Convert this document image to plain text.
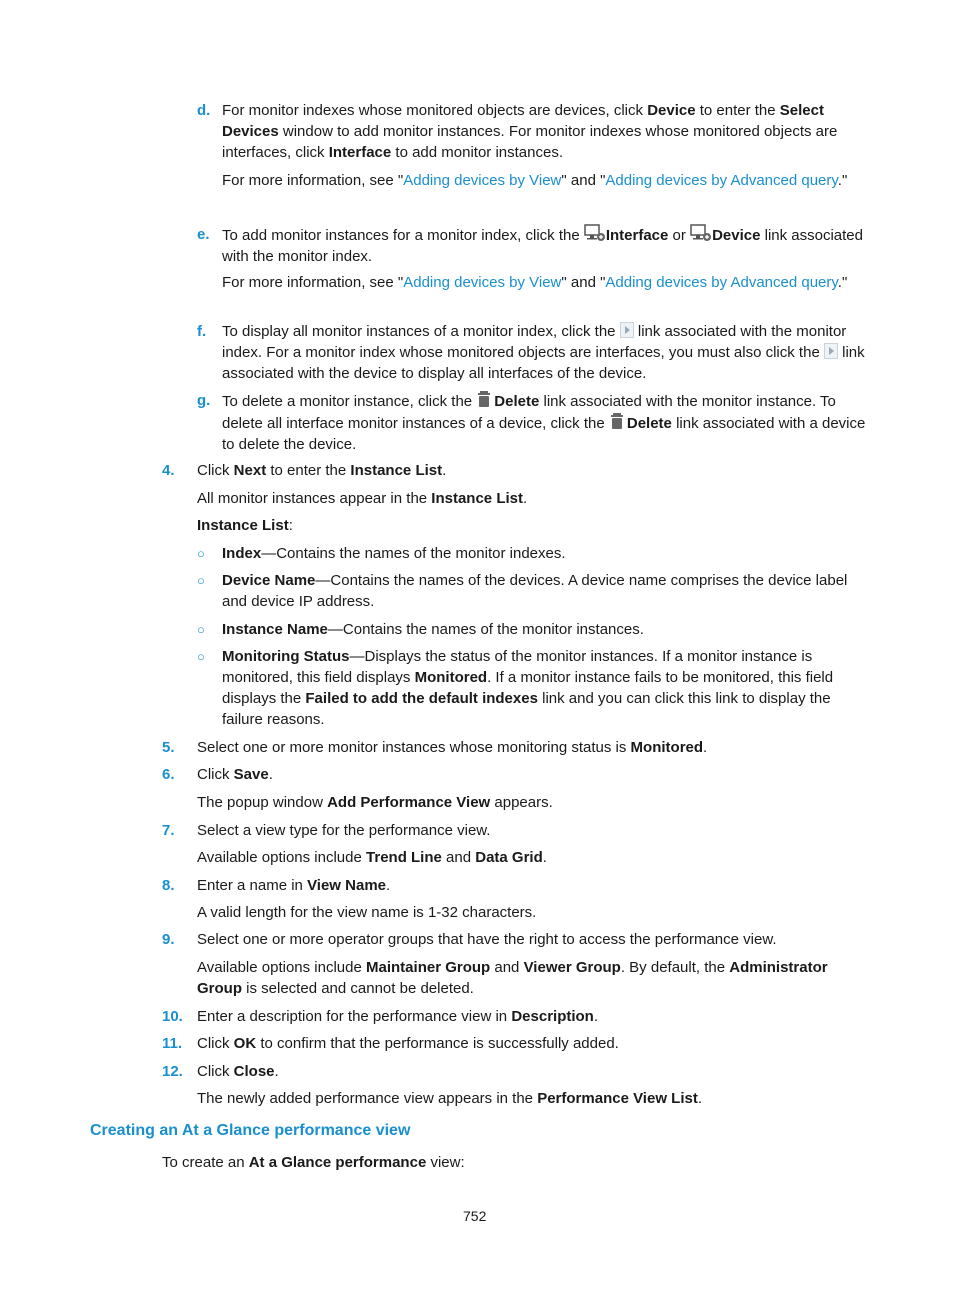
d. For monitor indexes whose monitored objects are devices, click Device to enter the Select Devices window to add monitor instances. For monitor indexes whose monitored objects are interfaces, click Interface to add monitor instances.
For more information, see "Adding devices by View" and "Adding devices by Advanced query."
e. To add monitor instances for a monitor index, click the Interface or Device link associated with the monitor index.
For more information, see "Adding devices by View" and "Adding devices by Advanced query."
f. To display all monitor instances of a monitor index, click the  link associated with the monitor index. For a monitor index whose monitored objects are interfaces, you must also click the  link associated with the device to display all interfaces of the device.
g. To delete a monitor instance, click the Delete link associated with the monitor instance. To delete all interface monitor instances of a device, click the Delete link associated with a device to delete the device.
4. Click Next to enter the Instance List.
All monitor instances appear in the Instance List.
Instance List:
○ Index—Contains the names of the monitor indexes.
○ Device Name—Contains the names of the devices. A device name comprises the device label and device IP address.
○ Instance Name—Contains the names of the monitor instances.
○ Monitoring Status—Displays the status of the monitor instances. If a monitor instance is monitored, this field displays Monitored. If a monitor instance fails to be monitored, this field displays the Failed to add the default indexes link and you can click this link to display the failure reasons.
5. Select one or more monitor instances whose monitoring status is Monitored.
6. Click Save.
The popup window Add Performance View appears.
7. Select a view type for the performance view.
Available options include Trend Line and Data Grid.
8. Enter a name in View Name.
A valid length for the view name is 1-32 characters.
9. Select one or more operator groups that have the right to access the performance view.
Available options include Maintainer Group and Viewer Group. By default, the Administrator Group is selected and cannot be deleted.
10. Enter a description for the performance view in Description.
11. Click OK to confirm that the performance is successfully added.
12. Click Close.
The newly added performance view appears in the Performance View List.
Creating an At a Glance performance view
To create an At a Glance performance view:
752
